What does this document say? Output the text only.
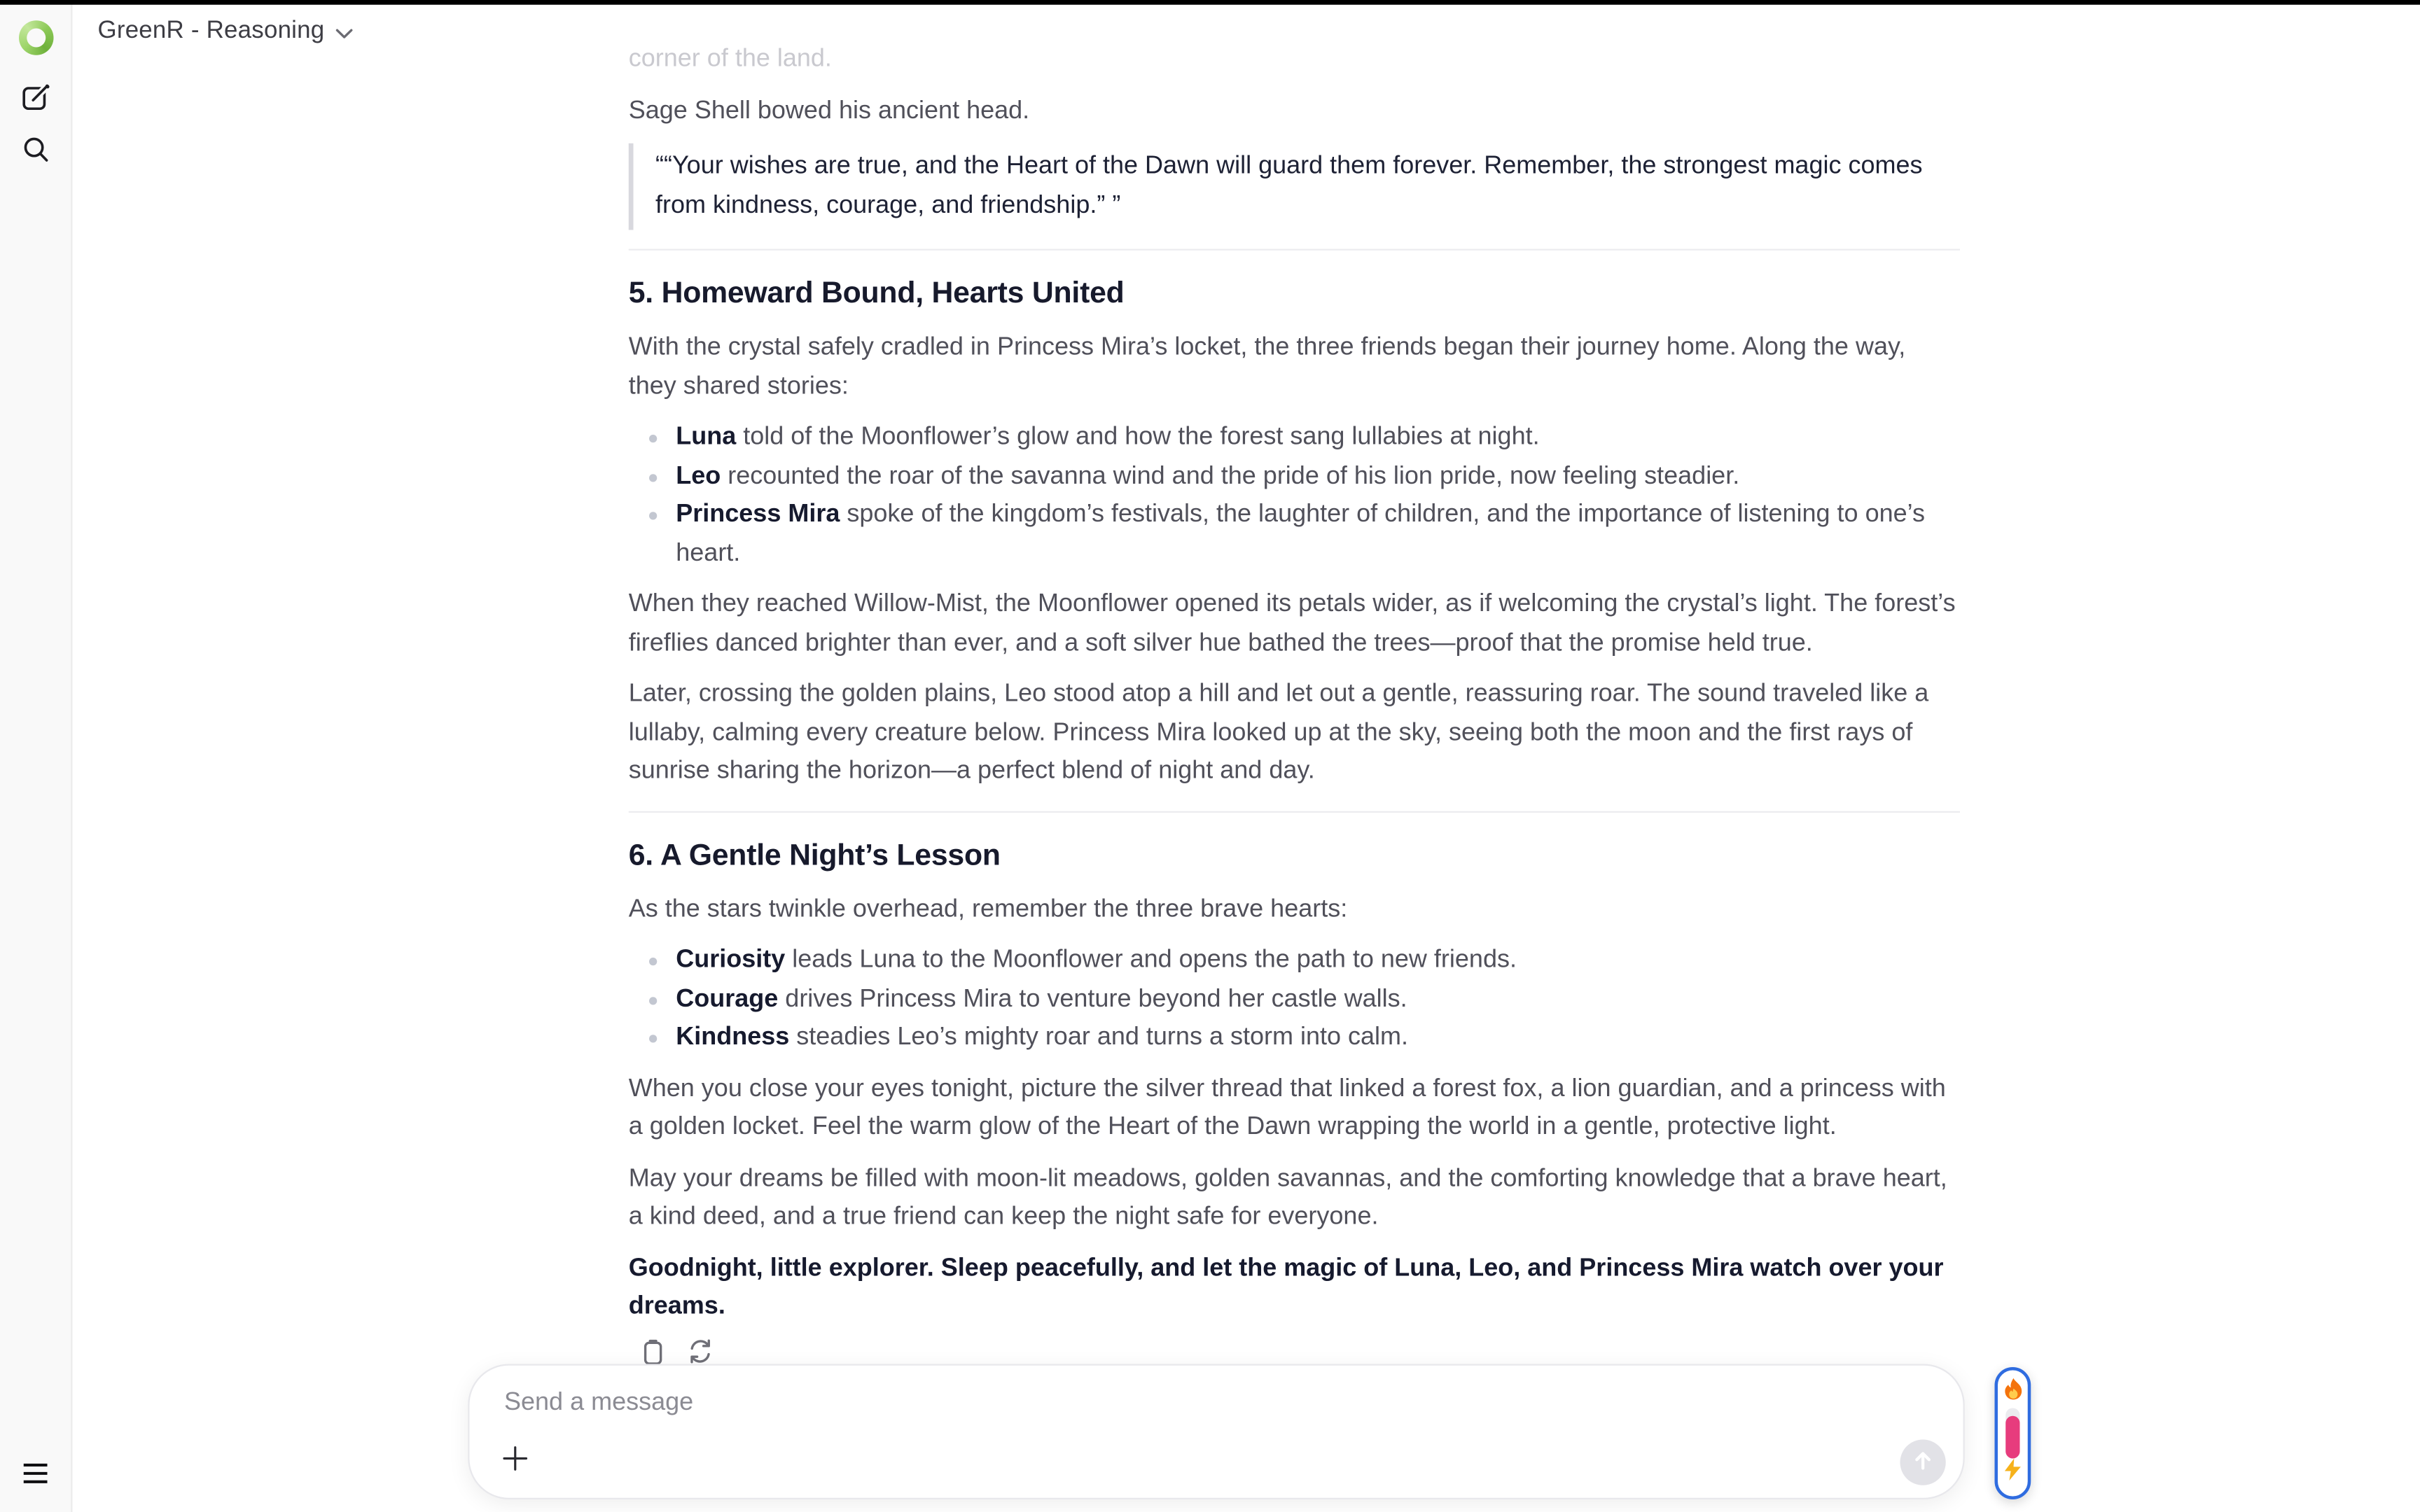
GreenR - Reasoning

corner of the land.

Sage Shell bowed his ancient head.

““Your wishes are true, and the Heart of the Dawn will guard them forever. Remember, the strongest magic comes from kindness, courage, and friendship.” ”
5. Homeward Bound, Hearts United

With the crystal safely cradled in Princess Mira’s locket, the three friends began their journey home. Along the way, they shared stories:

Luna told of the Moonflower’s glow and how the forest sang lullabies at night.
Leo recounted the roar of the savanna wind and the pride of his lion pride, now feeling steadier.
Princess Mira spoke of the kingdom’s festivals, the laughter of children, and the importance of listening to one’s heart.

When they reached Willow-Mist, the Moonflower opened its petals wider, as if welcoming the crystal’s light. The forest’s fireflies danced brighter than ever, and a soft silver hue bathed the trees—proof that the promise held true.

Later, crossing the golden plains, Leo stood atop a hill and let out a gentle, reassuring roar. The sound traveled like a lullaby, calming every creature below. Princess Mira looked up at the sky, seeing both the moon and the first rays of sunrise sharing the horizon—a perfect blend of night and day.

6. A Gentle Night’s Lesson

As the stars twinkle overhead, remember the three brave hearts:

Curiosity leads Luna to the Moonflower and opens the path to new friends.
Courage drives Princess Mira to venture beyond her castle walls.
Kindness steadies Leo’s mighty roar and turns a storm into calm.

When you close your eyes tonight, picture the silver thread that linked a forest fox, a lion guardian, and a princess with a golden locket. Feel the warm glow of the Heart of the Dawn wrapping the world in a gentle, protective light.

May your dreams be filled with moon-lit meadows, golden savannas, and the comforting knowledge that a brave heart, a kind deed, and a true friend can keep the night safe for everyone.

Goodnight, little explorer. Sleep peacefully, and let the magic of Luna, Leo, and Princess Mira watch over your dreams.

Send a message
